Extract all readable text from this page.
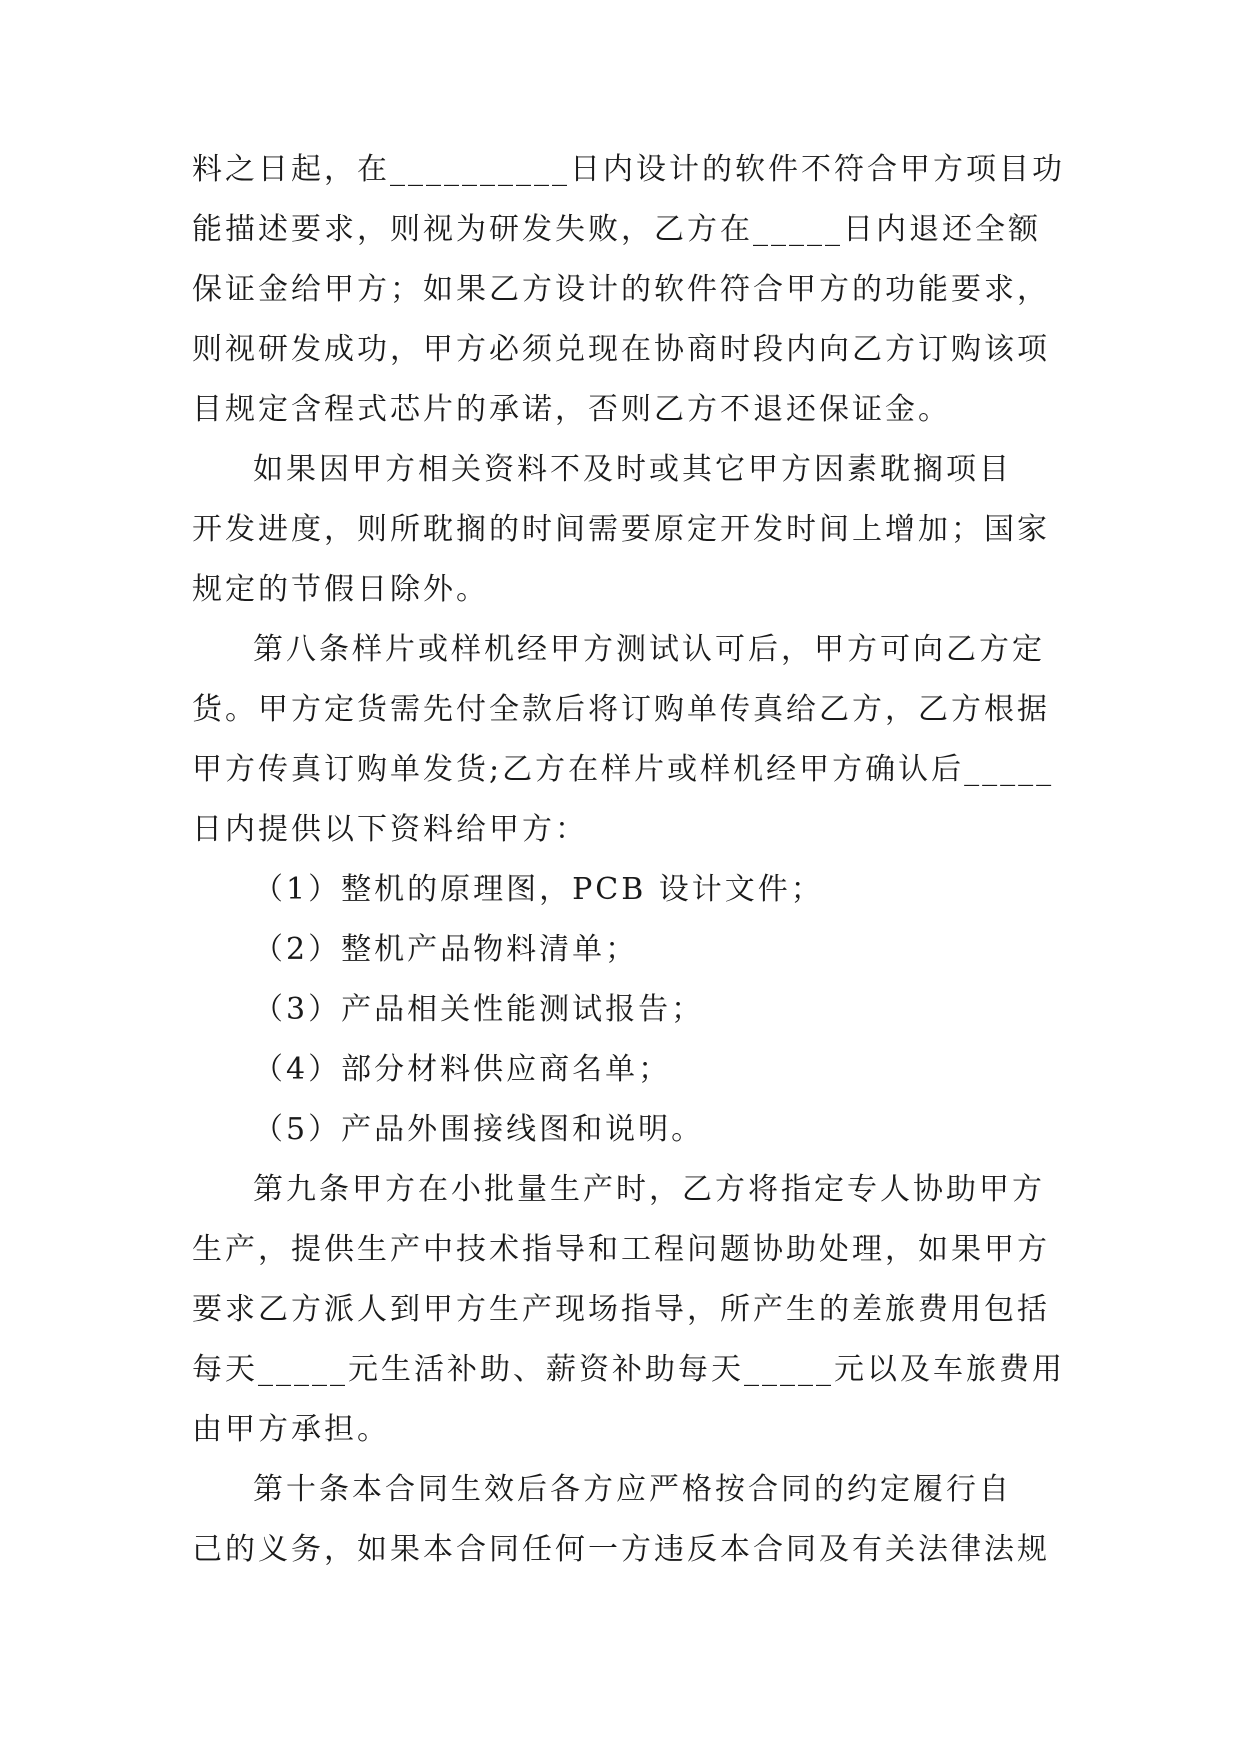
料之日起，在__________日内设计的软件不符合甲方项目功
能描述要求，则视为研发失败，乙方在_____日内退还全额
保证金给甲方；如果乙方设计的软件符合甲方的功能要求，
则视研发成功，甲方必须兑现在协商时段内向乙方订购该项
目规定含程式芯片的承诺，否则乙方不退还保证金。
如果因甲方相关资料不及时或其它甲方因素耽搁项目
开发进度，则所耽搁的时间需要原定开发时间上增加；国家
规定的节假日除外。
第八条样片或样机经甲方测试认可后，甲方可向乙方定
货。甲方定货需先付全款后将订购单传真给乙方，乙方根据
甲方传真订购单发货;乙方在样片或样机经甲方确认后_____
日内提供以下资料给甲方：
（1）整机的原理图，PCB 设计文件；
（2）整机产品物料清单；
（3）产品相关性能测试报告；
（4）部分材料供应商名单；
（5）产品外围接线图和说明。
第九条甲方在小批量生产时，乙方将指定专人协助甲方
生产，提供生产中技术指导和工程问题协助处理，如果甲方
要求乙方派人到甲方生产现场指导，所产生的差旅费用包括
每天_____元生活补助、薪资补助每天_____元以及车旅费用
由甲方承担。
第十条本合同生效后各方应严格按合同的约定履行自
己的义务，如果本合同任何一方违反本合同及有关法律法规
